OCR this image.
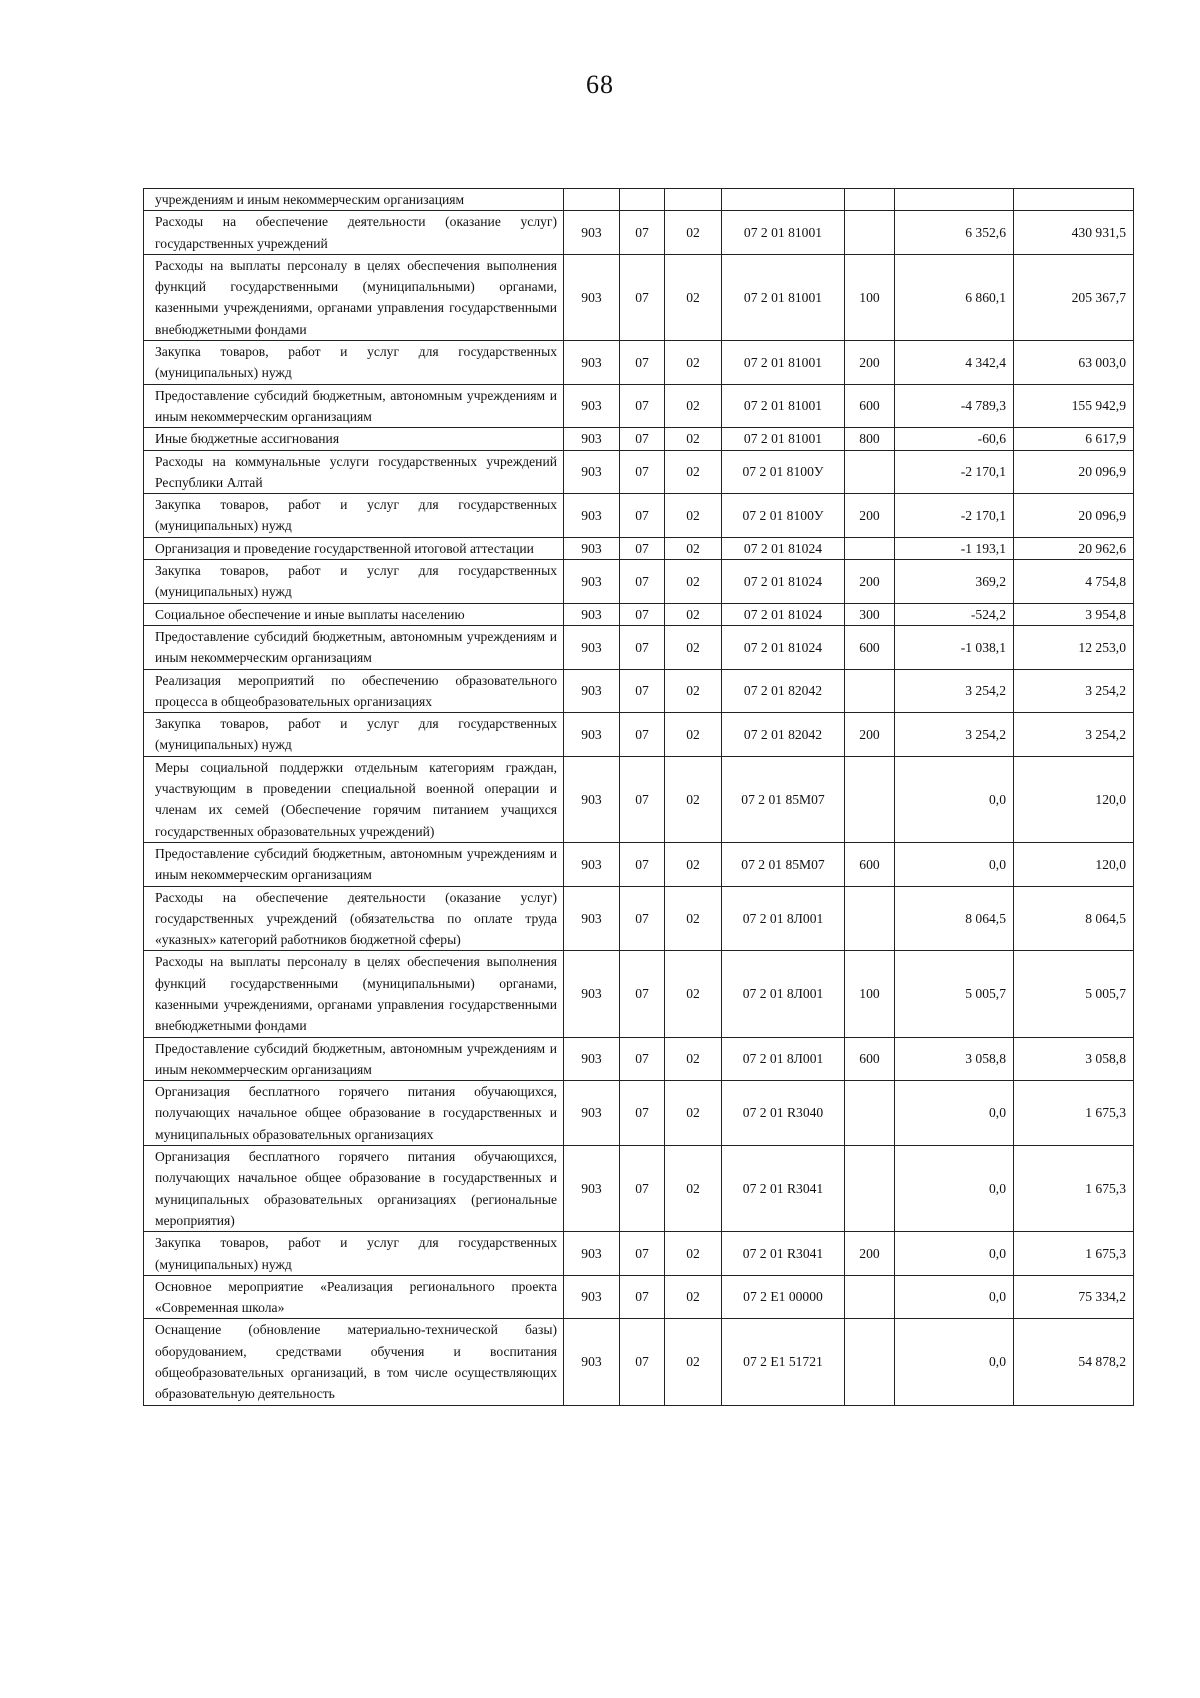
68
учреждениям и иным некоммерческим организациям							
Расходы на обеспечение деятельности (оказание услуг) государственных учреждений	903	07	02	07 2 01 81001		6 352,6	430 931,5
Расходы на выплаты персоналу в целях обеспечения выполнения функций государственными (муниципальными) органами, казенными учреждениями, органами управления государственными внебюджетными фондами	903	07	02	07 2 01 81001	100	6 860,1	205 367,7
Закупка товаров, работ и услуг для государственных (муниципальных) нужд	903	07	02	07 2 01 81001	200	4 342,4	63 003,0
Предоставление субсидий бюджетным, автономным учреждениям и иным некоммерческим организациям	903	07	02	07 2 01 81001	600	-4 789,3	155 942,9
Иные бюджетные ассигнования	903	07	02	07 2 01 81001	800	-60,6	6 617,9
Расходы на коммунальные услуги государственных учреждений Республики Алтай	903	07	02	07 2 01 8100У		-2 170,1	20 096,9
Закупка товаров, работ и услуг для государственных (муниципальных) нужд	903	07	02	07 2 01 8100У	200	-2 170,1	20 096,9
Организация и проведение государственной итоговой аттестации	903	07	02	07 2 01 81024		-1 193,1	20 962,6
Закупка товаров, работ и услуг для государственных (муниципальных) нужд	903	07	02	07 2 01 81024	200	369,2	4 754,8
Социальное обеспечение и иные выплаты населению	903	07	02	07 2 01 81024	300	-524,2	3 954,8
Предоставление субсидий бюджетным, автономным учреждениям и иным некоммерческим организациям	903	07	02	07 2 01 81024	600	-1 038,1	12 253,0
Реализация мероприятий по обеспечению образовательного процесса в общеобразовательных организациях	903	07	02	07 2 01 82042		3 254,2	3 254,2
Закупка товаров, работ и услуг для государственных (муниципальных) нужд	903	07	02	07 2 01 82042	200	3 254,2	3 254,2
Меры социальной поддержки отдельным категориям граждан, участвующим в проведении специальной военной операции и членам их семей (Обеспечение горячим питанием учащихся государственных образовательных учреждений)	903	07	02	07 2 01 85М07		0,0	120,0
Предоставление субсидий бюджетным, автономным учреждениям и иным некоммерческим организациям	903	07	02	07 2 01 85М07	600	0,0	120,0
Расходы на обеспечение деятельности (оказание услуг) государственных учреждений (обязательства по оплате труда «указных» категорий работников бюджетной сферы)	903	07	02	07 2 01 8Л001		8 064,5	8 064,5
Расходы на выплаты персоналу в целях обеспечения выполнения функций государственными (муниципальными) органами, казенными учреждениями, органами управления государственными внебюджетными фондами	903	07	02	07 2 01 8Л001	100	5 005,7	5 005,7
Предоставление субсидий бюджетным, автономным учреждениям и иным некоммерческим организациям	903	07	02	07 2 01 8Л001	600	3 058,8	3 058,8
Организация бесплатного горячего питания обучающихся, получающих начальное общее образование в государственных и муниципальных образовательных организациях	903	07	02	07 2 01 R3040		0,0	1 675,3
Организация бесплатного горячего питания обучающихся, получающих начальное общее образование в государственных и муниципальных образовательных организациях (региональные мероприятия)	903	07	02	07 2 01 R3041		0,0	1 675,3
Закупка товаров, работ и услуг для государственных (муниципальных) нужд	903	07	02	07 2 01 R3041	200	0,0	1 675,3
Основное мероприятие «Реализация регионального проекта «Современная школа»	903	07	02	07 2 E1 00000		0,0	75 334,2
Оснащение (обновление материально-технической базы) оборудованием, средствами обучения и воспитания общеобразовательных организаций, в том числе осуществляющих образовательную деятельность	903	07	02	07 2 E1 51721		0,0	54 878,2
